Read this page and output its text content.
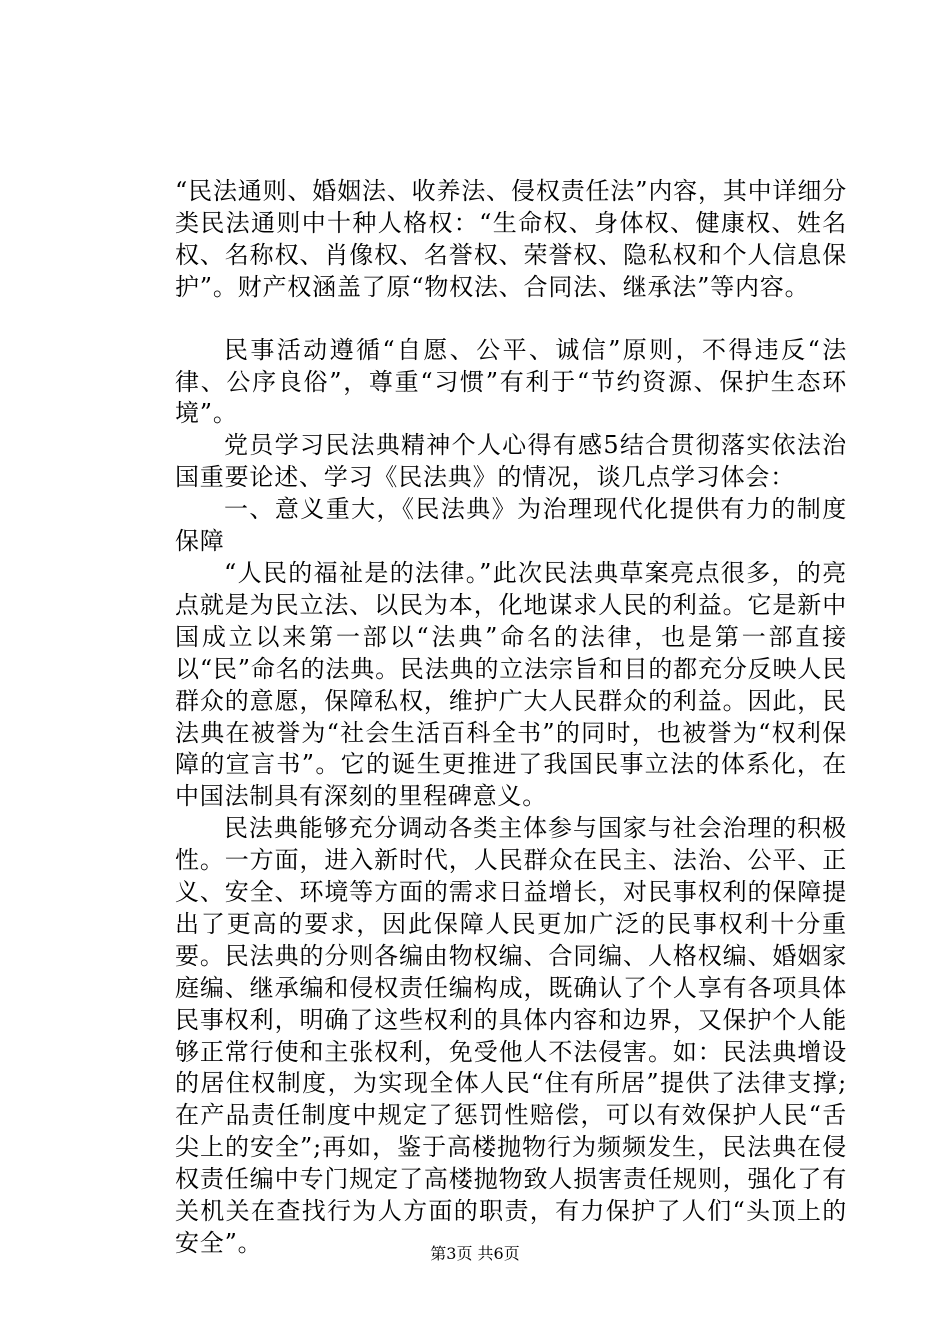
“民法通则、婚姻法、收养法、侵权责任法”内容，其中详细分类民法通则中十种人格权：“生命权、身体权、健康权、姓名权、名称权、肖像权、名誉权、荣誉权、隐私权和个人信息保护”。财产权涵盖了原“物权法、合同法、继承法”等内容。

民事活动遵循“自愿、公平、诚信”原则，不得违反“法律、公序良俗”，尊重“习惯”有利于“节约资源、保护生态环境”。

党员学习民法典精神个人心得有感5结合贯彻落实依法治国重要论述、学习《民法典》的情况，谈几点学习体会：

一、意义重大，《民法典》为治理现代化提供有力的制度保障

“人民的福祉是的法律。”此次民法典草案亮点很多，的亮点就是为民立法、以民为本，化地谋求人民的利益。它是新中国成立以来第一部以“法典”命名的法律，也是第一部直接以“民”命名的法典。民法典的立法宗旨和目的都充分反映人民群众的意愿，保障私权，维护广大人民群众的利益。因此，民法典在被誉为“社会生活百科全书”的同时，也被誉为“权利保障的宣言书”。它的诞生更推进了我国民事立法的体系化，在中国法制具有深刻的里程碑意义。

民法典能够充分调动各类主体参与国家与社会治理的积极性。一方面，进入新时代，人民群众在民主、法治、公平、正义、安全、环境等方面的需求日益增长，对民事权利的保障提出了更高的要求，因此保障人民更加广泛的民事权利十分重要。民法典的分则各编由物权编、合同编、人格权编、婚姻家庭编、继承编和侵权责任编构成，既确认了个人享有各项具体民事权利，明确了这些权利的具体内容和边界，又保护个人能够正常行使和主张权利，免受他人不法侵害。如：民法典增设的居住权制度，为实现全体人民“住有所居”提供了法律支撑;在产品责任制度中规定了惩罚性赔偿，可以有效保护人民“舌尖上的安全”;再如，鉴于高楼抛物行为频频发生，民法典在侵权责任编中专门规定了高楼抛物致人损害责任规则，强化了有关机关在查找行为人方面的职责，有力保护了人们“头顶上的安全”。	第3页 共6页
